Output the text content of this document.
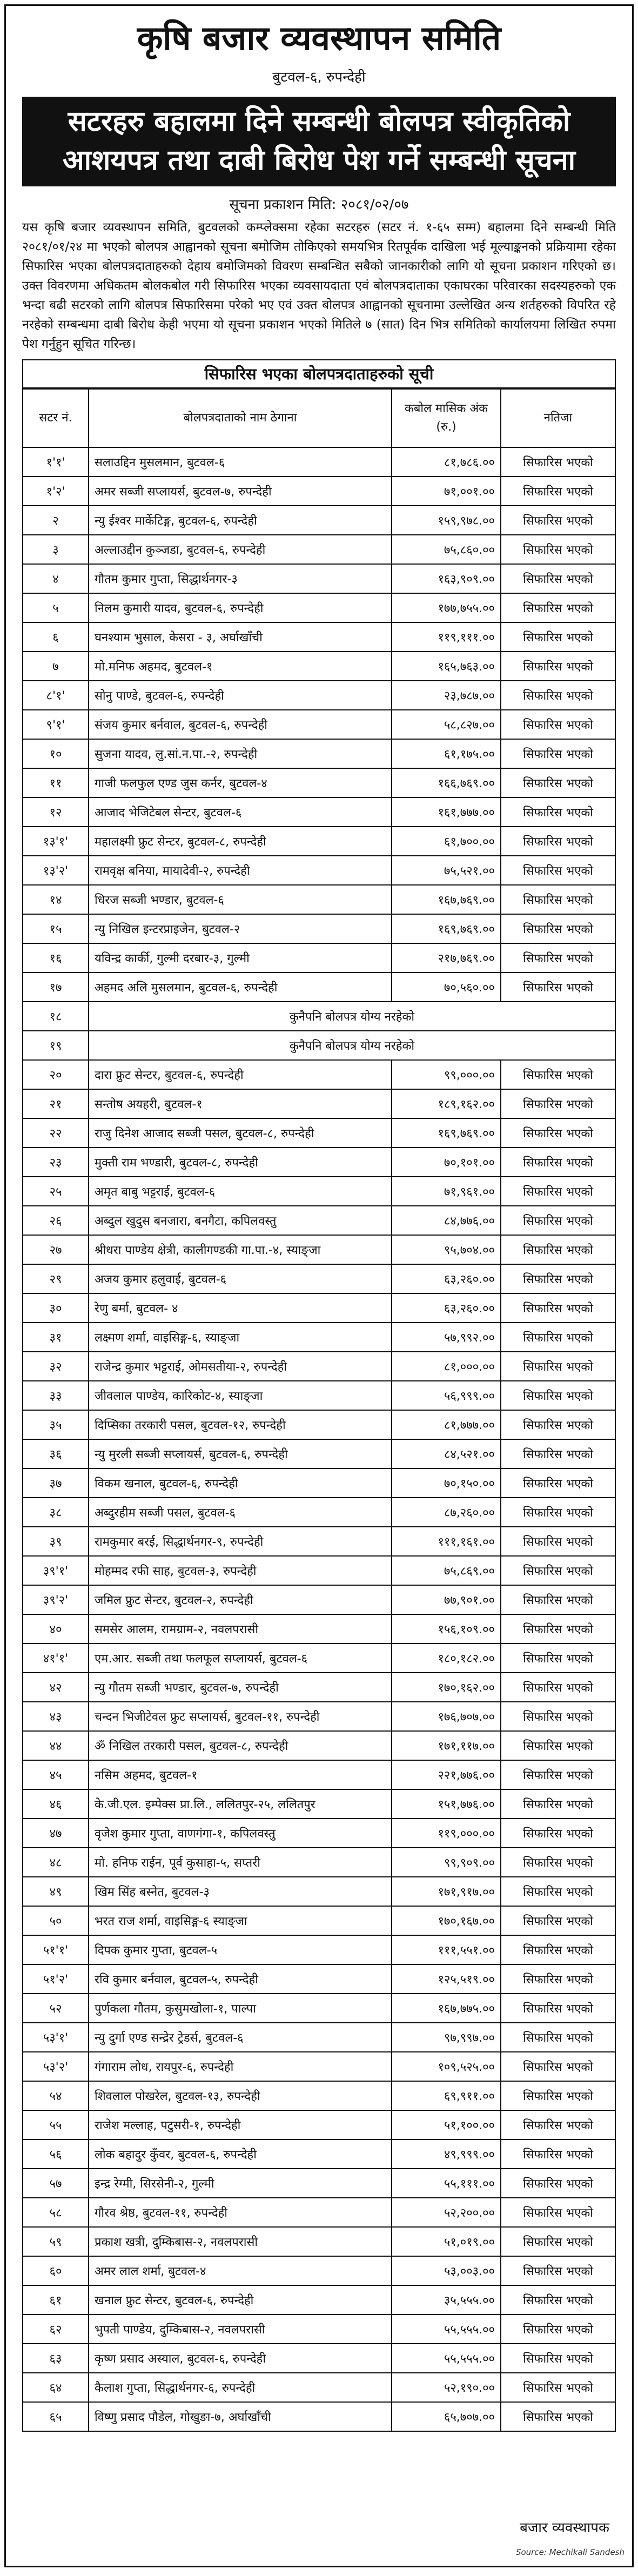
कृषि बजार व्यवस्थापन समिति
बुटवल-६, रुपन्देही
सटरहरु बहालमा दिने सम्बन्धी बोलपत्र स्वीकृतिको आशयपत्र तथा दाबी बिरोध पेश गर्ने सम्बन्धी सूचना
सूचना प्रकाशन मिति: २०८१/०२/०७
यस कृषि बजार व्यवस्थापन समिति, बुटवलको कम्प्लेक्समा रहेका सटरहरु (सटर नं. १-६५ सम्म) बहालमा दिने सम्बन्धी मिति २०८१/०१/२४ मा भएको बोलपत्र आह्वानको सूचना बमोजिम तोकिएको समयभित्र रितपूर्वक दाखिला भई मूल्याङ्कनको प्रक्रियामा रहेका सिफारिस भएका बोलपत्रदाताहरुको देहाय बमोजिमको विवरण सम्बन्धित सबैको जानकारीको लागि यो सूचना प्रकाशन गरिएको छ। उक्त विवरणमा अधिकतम बोलकबोल गरी सिफारिस भएका व्यवसायदाता एवं बोलपत्रदाताका एकाघरका परिवारका सदस्यहरुको एक भन्दा बढी सटरको लागि बोलपत्र सिफारिसमा परेको भए एवं उक्त बोलपत्र आह्वानको सूचनामा उल्लेखित अन्य शर्तहरुको विपरित रहे नरहेको सम्बन्धमा दाबी बिरोध केही भएमा यो सूचना प्रकाशन भएको मितिले ७ (सात) दिन भित्र समितिको कार्यालयमा लिखित रुपमा पेश गर्नुहुन सूचित गरिन्छ।
सिफारिस भएका बोलपत्रदाताहरुको सूची
सटर नं.	बोलपत्रदाताको नाम ठेगाना	कबोल मासिक अंक (रु.)	नतिजा
१'१'	सलाउद्दिन मुसलमान, बुटवल-६	८१,७८६.००	सिफारिस भएको
१'२'	अमर सब्जी सप्लायर्स, बुटवल-७, रुपन्देही	७१,००१.००	सिफारिस भएको
२	न्यु ईश्वर मार्केटिङ्ग, बुटवल-६, रुपन्देही	१५९,९७८.००	सिफारिस भएको
३	अल्लाउद्दीन कुञ्जडा, बुटवल-६, रुपन्देही	७५,८६०.००	सिफारिस भएको
४	गौतम कुमार गुप्ता, सिद्धार्थनगर-३	१६३,९०९.००	सिफारिस भएको
५	निलम कुमारी यादव, बुटवल-६, रुपन्देही	१७७,७५५.००	सिफारिस भएको
६	घनश्याम भुसाल, केसरा - ३, अर्घाखाँची	११९,१११.००	सिफारिस भएको
७	मो.मनिफ अहमद, बुटवल-१	१६५,७६३.००	सिफारिस भएको
८'१'	सोनु पाण्डे, बुटवल-६, रुपन्देही	२३,७८७.००	सिफारिस भएको
९'१'	संजय कुमार बर्नवाल, बुटवल-६, रुपन्देही	५८,८२७.००	सिफारिस भएको
१०	सुजना यादव, लु.सां.न.पा.-२, रुपन्देही	६१,१७५.००	सिफारिस भएको
११	गाजी फलफुल एण्ड जुस कर्नर, बुटवल-४	१६६,७६९.००	सिफारिस भएको
१२	आजाद भेजिटेबल सेन्टर, बुटवल-६	१६१,७७७.००	सिफारिस भएको
१३'१'	महालक्ष्मी फ्रुट सेन्टर, बुटवल-८, रुपन्देही	६१,७००.००	सिफारिस भएको
१३'२'	रामवृक्ष बनिया, मायादेवी-२, रुपन्देही	७५,५२१.००	सिफारिस भएको
१४	धिरज सब्जी भण्डार, बुटवल-६	१६७,७६९.००	सिफारिस भएको
१५	न्यु निखिल इन्टरप्राइजेन, बुटवल-२	१६९,७६९.००	सिफारिस भएको
१६	यविन्द्र कार्की, गुल्मी दरबार-३, गुल्मी	२१७,७६९.००	सिफारिस भएको
१७	अहमद अलि मुसलमान, बुटवल-६, रुपन्देही	७०,५६०.००	सिफारिस भएको
१८	कुनैपनि बोलपत्र योग्य नरहेको		
१९	कुनैपनि बोलपत्र योग्य नरहेको		
२०	दारा फ्रुट सेन्टर, बुटवल-६, रुपन्देही	९९,०००.००	सिफारिस भएको
२१	सन्तोष अयहरी, बुटवल-१	१८९,१६२.००	सिफारिस भएको
२२	राजु दिनेश आजाद सब्जी पसल, बुटवल-८, रुपन्देही	१६९,७६९.००	सिफारिस भएको
२३	मुक्ती राम भण्डारी, बुटवल-८, रुपन्देही	७०,१०१.००	सिफारिस भएको
२५	अमृत बाबु भट्टराई, बुटवल-६	७१,९६१.००	सिफारिस भएको
२६	अब्दुल खुदुस बनजारा, बनगैटा, कपिलवस्तु	८४,७७६.००	सिफारिस भएको
२७	श्रीधरा पाण्डेय क्षेत्री, कालीगण्डकी गा.पा.-४, स्याङ्जा	९५,७०४.००	सिफारिस भएको
२९	अजय कुमार हलुवाई, बुटवल-६	६३,२६०.००	सिफारिस भएको
३०	रेणु बर्मा, बुटवल- ४	६३,२६०.००	सिफारिस भएको
३१	लक्ष्मण शर्मा, वाइसिङ्ग-६, स्याङ्जा	५७,९९२.००	सिफारिस भएको
३२	राजेन्द्र कुमार भट्टराई, ओमसतीया-२, रुपन्देही	८१,०००.००	सिफारिस भएको
३३	जीवलाल पाण्डेय, कारिकोट-४, स्याङ्जा	५६,९९९.००	सिफारिस भएको
३५	दिप्सिका तरकारी पसल, बुटवल-१२, रुपन्देही	८१,७७७.००	सिफारिस भएको
३६	न्यु मुरली सब्जी सप्लायर्स, बुटवल-६, रुपन्देही	८४,५२१.००	सिफारिस भएको
३७	विकम खनाल, बुटवल-६, रुपन्देही	७०,१५०.००	सिफारिस भएको
३८	अब्दुरहीम सब्जी पसल, बुटवल-६	८७,२६०.००	सिफारिस भएको
३९	रामकुमार बरई, सिद्धार्थनगर-९, रुपन्देही	१११,१६१.००	सिफारिस भएको
३९'१'	मोहम्मद रफी साह, बुटवल-३, रुपन्देही	७५,८६९.००	सिफारिस भएको
३९'२'	जमिल फ्रुट सेन्टर, बुटवल-२, रुपन्देही	७७,९०१.००	सिफारिस भएको
४०	समसेर आलम, रामग्राम-२, नवलपरासी	१५६,१०९.००	सिफारिस भएको
४१'१'	एम.आर. सब्जी तथा फलफूल सप्लायर्स, बुटवल-६	१८०,१८२.००	सिफारिस भएको
४२	न्यु गौतम सब्जी भण्डार, बुटवल-७, रुपन्देही	१७०,१६२.००	सिफारिस भएको
४३	चन्दन भिजीटेवल फ्रुट सप्लायर्स, बुटवल-११, रुपन्देही	१७६,७०७.००	सिफारिस भएको
४४	ॐ निखिल तरकारी पसल, बुटवल-८, रुपन्देही	१७१,११७.००	सिफारिस भएको
४५	नसिम अहमद, बुटवल-१	२२१,७७६.००	सिफारिस भएको
४६	के.जी.एल. इम्पेक्स प्रा.लि., ललितपुर-२५, ललितपुर	१५१,७७६.००	सिफारिस भएको
४७	वृजेश कुमार गुप्ता, वाणगंगा-१, कपिलवस्तु	११९,०००.००	सिफारिस भएको
४८	मो. हनिफ राईन, पूर्व कुसाहा-५, सप्तरी	९९,९०९.००	सिफारिस भएको
४९	खिम सिंह बस्नेत, बुटवल-३	१७१,९१७.००	सिफारिस भएको
५०	भरत राज शर्मा, वाइसिङ्ग-६ स्याङ्जा	१७०,१६७.००	सिफारिस भएको
५१'१'	दिपक कुमार गुप्ता, बुटवल-५	१११,५५१.००	सिफारिस भएको
५१'२'	रवि कुमार बर्नवाल, बुटवल-५, रुपन्देही	१२५,५१९.००	सिफारिस भएको
५२	पुर्णकला गौतम, कुसुमखोला-१, पाल्पा	१६७,७७५.००	सिफारिस भएको
५३'१'	न्यु दुर्गा एण्ड सन्द्रेर ट्रेडर्स, बुटवल-६	९७,९९७.००	सिफारिस भएको
५३'२'	गंगाराम लोध, रायपुर-६, रुपन्देही	१०९,५२५.००	सिफारिस भएको
५४	शिवलाल पोखरेल, बुटवल-१३, रुपन्देही	६९,९११.००	सिफारिस भएको
५५	राजेश मल्लाह, पटुसरी-१, रुपन्देही	५१,१००.००	सिफारिस भएको
५६	लोक बहादुर कुँवर, बुटवल-६, रुपन्देही	४९,९९९.००	सिफारिस भएको
५७	इन्द्र रेग्मी, सिरसेनी-२, गुल्मी	५५,१११.००	सिफारिस भएको
५८	गौरव श्रेष्ठ, बुटवल-११, रुपन्देही	५२,२००.००	सिफारिस भएको
५९	प्रकाश खत्री, दुम्किबास-२, नवलपरासी	५१,०१९.००	सिफारिस भएको
६०	अमर लाल शर्मा, बुटवल-४	५३,००३.००	सिफारिस भएको
६१	खनाल फ्रुट सेन्टर, बुटवल-६, रुपन्देही	३५,५५५.००	सिफारिस भएको
६२	भुपती पाण्डेय, दुम्किबास-२, नवलपरासी	५५,५५५.००	सिफारिस भएको
६३	कृष्ण प्रसाद अस्याल, बुटवल-६, रुपन्देही	५५,५५५.००	सिफारिस भएको
६४	कैलाश गुप्ता, सिद्धार्थनगर-६, रुपन्देही	५२,१९०.००	सिफारिस भएको
६५	विष्णु प्रसाद पौडेल, गोखुङा-७, अर्घाखाँची	६५,७०७.००	सिफारिस भएको
बजार व्यवस्थापक
Source: Mechikali Sandesh
